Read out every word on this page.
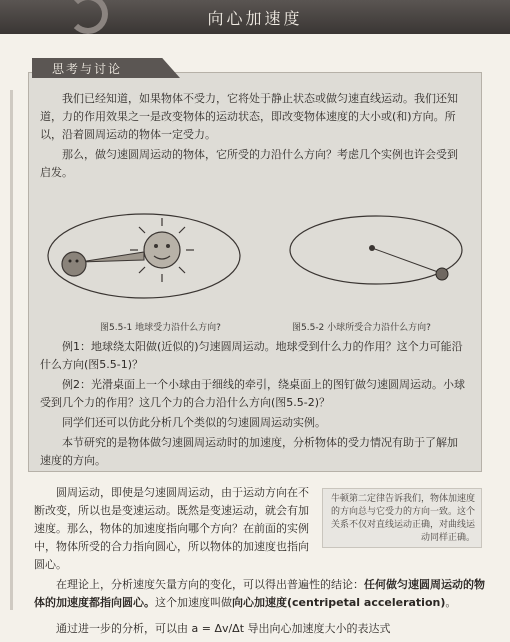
向心加速度
思考与讨论

我们已经知道，如果物体不受力，它将处于静止状态或做匀速直线运动。我们还知道，力的作用效果之一是改变物体的运动状态，即改变物体速度的大小或(和)方向。所以，沿着圆周运动的物体一定受力。

那么，做匀速圆周运动的物体，它所受的力沿什么方向？考虑几个实例也许会受到启发。

图5.5-1 地球受力沿什么方向?	图5.5-2 小球所受合力沿什么方向?

例1：地球绕太阳做(近似的)匀速圆周运动。地球受到什么力的作用？这个力可能沿什么方向(图5.5-1)？

例2：光滑桌面上一个小球由于细线的牵引，绕桌面上的图钉做匀速圆周运动。小球受到几个力的作用？这几个力的合力沿什么方向(图5.5-2)？

同学们还可以仿此分析几个类似的匀速圆周运动实例。

本节研究的是物体做匀速圆周运动时的加速度，分析物体的受力情况有助于了解加速度的方向。

圆周运动，即使是匀速圆周运动，由于运动方向在不断改变，所以也是变速运动。既然是变速运动，就会有加速度。那么，物体的加速度指向哪个方向？在前面的实例中，物体所受的合力指向圆心，所以物体的加速度也指向圆心。

牛顿第二定律告诉我们，物体加速度的方向总与它受力的方向一致。这个关系不仅对直线运动正确，对曲线运动同样正确。

在理论上，分析速度矢量方向的变化，可以得出普遍性的结论：任何做匀速圆周运动的物体的加速度都指向圆心。这个加速度叫做向心加速度(centripetal acceleration)。

通过进一步的分析，可以由 a = Δv/Δt 导出向心加速度大小的表达式
